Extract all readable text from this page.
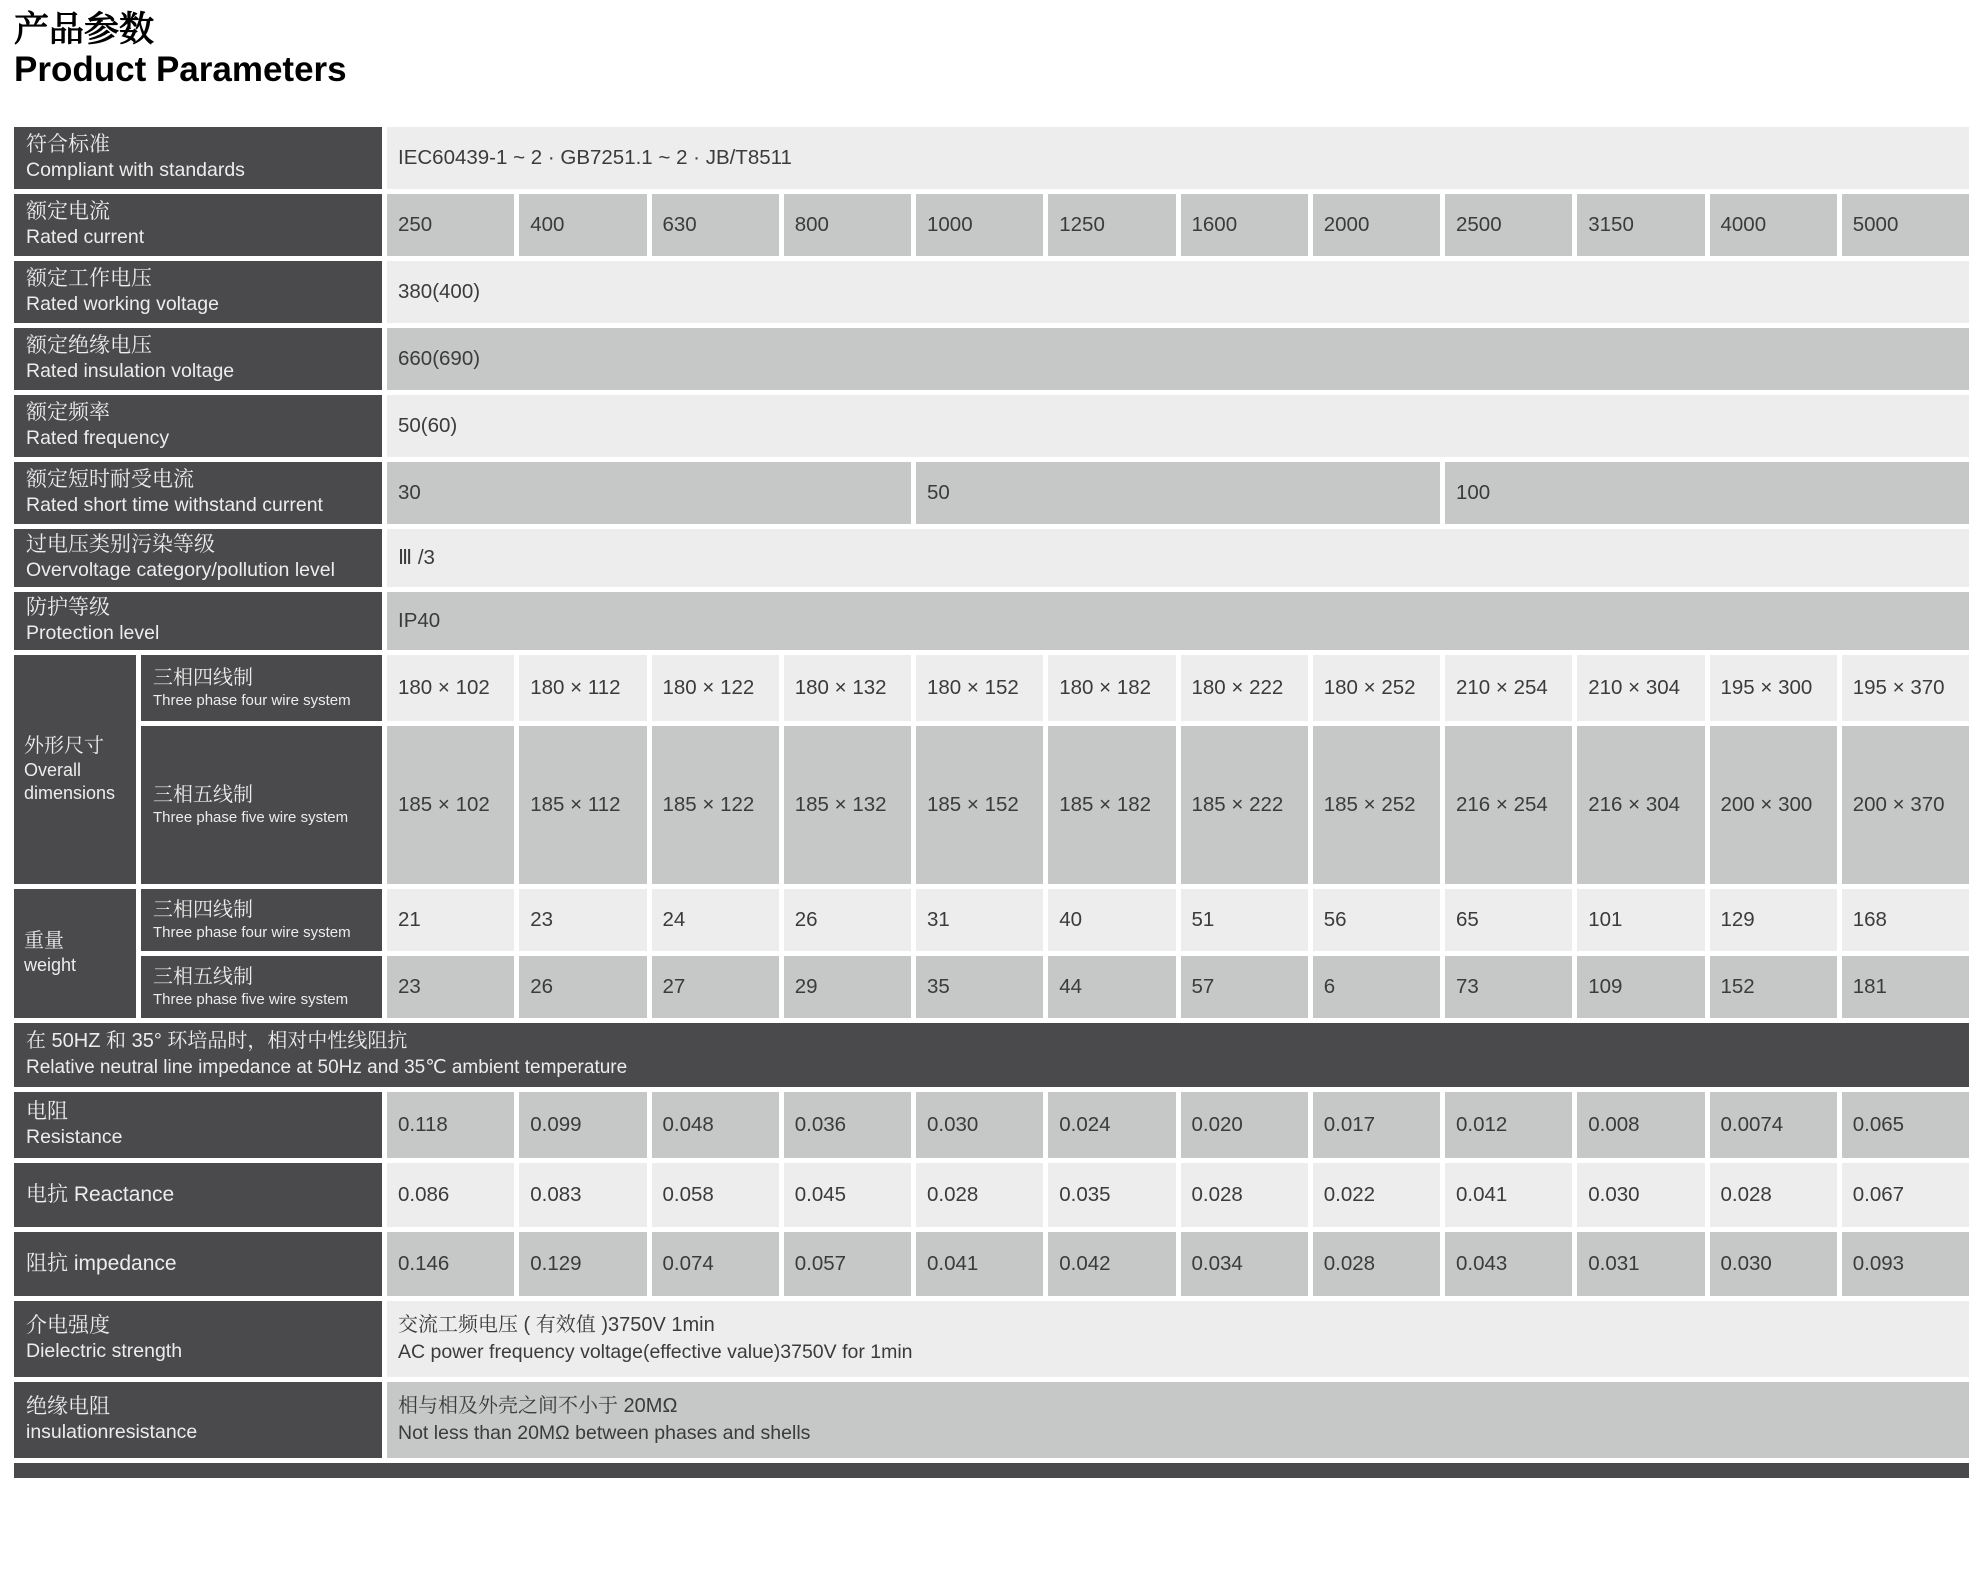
产品参数
Product Parameters
符合标准
Compliant with standards
IEC60439-1 ~ 2 · GB7251.1 ~ 2 · JB/T8511
额定电流
Rated current
250	400	630	800	1000	1250	1600	2000	2500	3150	4000	5000
额定工作电压
Rated working voltage
380(400)
额定绝缘电压
Rated insulation voltage
660(690)
额定频率
Rated frequency
50(60)
额定短时耐受电流
Rated short time withstand current
30	50	100
过电压类别污染等级
Overvoltage category/pollution level
Ⅲ /3
防护等级
Protection level
IP40
外形尺寸
Overall dimensions
三相四线制
Three phase four wire system
180 × 102	180 × 112	180 × 122	180 × 132	180 × 152	180 × 182	180 × 222	180 × 252	210 × 254	210 × 304	195 × 300	195 × 370
三相五线制
Three phase five wire system
185 × 102	185 × 112	185 × 122	185 × 132	185 × 152	185 × 182	185 × 222	185 × 252	216 × 254	216 × 304	200 × 300	200 × 370
重量
weight
三相四线制
Three phase four wire system
21	23	24	26	31	40	51	56	65	101	129	168
三相五线制
Three phase five wire system
23	26	27	29	35	44	57	6	73	109	152	181
在 50HZ 和 35° 环培品时，相对中性线阻抗
Relative neutral line impedance at 50Hz and 35℃ ambient temperature
电阻
Resistance
0.118	0.099	0.048	0.036	0.030	0.024	0.020	0.017	0.012	0.008	0.0074	0.065
电抗 Reactance	0.086	0.083	0.058	0.045	0.028	0.035	0.028	0.022	0.041	0.030	0.028	0.067
阻抗 impedance	0.146	0.129	0.074	0.057	0.041	0.042	0.034	0.028	0.043	0.031	0.030	0.093
介电强度
Dielectric strength
交流工频电压 ( 有效值 )3750V 1min
AC power frequency voltage(effective value)3750V for 1min
绝缘电阻
insulationresistance
相与相及外壳之间不小于 20MΩ
Not less than 20MΩ between phases and shells
